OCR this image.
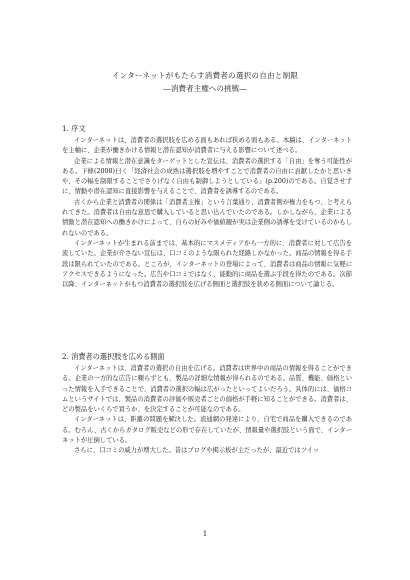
インターネットがもたらす消費者の選択の自由と制限
―消費者主権への挑戦―
1. 序文

インターネットは、消費者の選択肢を広める面もあれば狭める面もある。本稿は、インターネットを主軸に、企業が働きかける情報と潜在認知が消費者に与える影響について述べる。

企業による情報と潜在意識をターゲットとした宣伝は、消費者の選択する「自由」を奪う可能性がある。下條(2008)曰く「経済社会の成熟は選択肢を増やすことで消費者の自由に貢献したかと思いきや、その幅を制限することでさりげなく自由も制御しようとしている」(p.200)のである。自覚させずに、情動や潜在認知に直接影響を与えることで、消費者を誘導するのである。

古くから企業と消費者の関係は「消費者主権」という言葉通り、消費者側が権力をもつ、と考えられてきた。消費者は自由な意思で購入していると思い込んでいたのである。しかしながら、企業による情動と潜在認知への働きかけによって、自らの好みや価値観が実は企業側の誘導を受けているのかもしれないのである。

インターネットが生まれる前までは、基本的にマスメディアから一方的に、消費者に対して広告を流していた。企業が介さない宣伝は、口コミのような限られた経路しかなかった。商品の情報を得る手段は限られていたのである。ところが、インターネットの登場によって、消費者は商品の情報に気軽にアクセスできるようになった。広告や口コミではなく、能動的に商品を選ぶ手段を得たのである。次節以降、インターネットがもつ消費者の選択肢を広げる側面と選択肢を狭める側面について論じる。

2. 消費者の選択肢を広める側面

インターネットは、消費者の選択の自由を広げる。消費者は世界中の商品の情報を得ることができる。企業の一方的な広告に頼らずとも、製品の詳細な情報が得られるのである。品質、機能、価格といった情報を入手できることで、消費者の選択の幅は広がったといってよいだろう。具体的には、価格コムというサイトでは、製品の消費者の評価や販売者ごとの価格が手軽に知ることができる。消費者は、どの製品をいくらで買うか、を決定することが可能なのである。

インターネットは、距離の問題を解決した。流通網の発達により、自宅で商品を購入できるのである。むろん、古くからカタログ販売などの形で存在していたが、情報量や選択肢という面で、インターネットが圧倒している。

さらに、口コミの威力が増大した。昔はブログや掲示板が主だったが、最近ではツイッ

1
